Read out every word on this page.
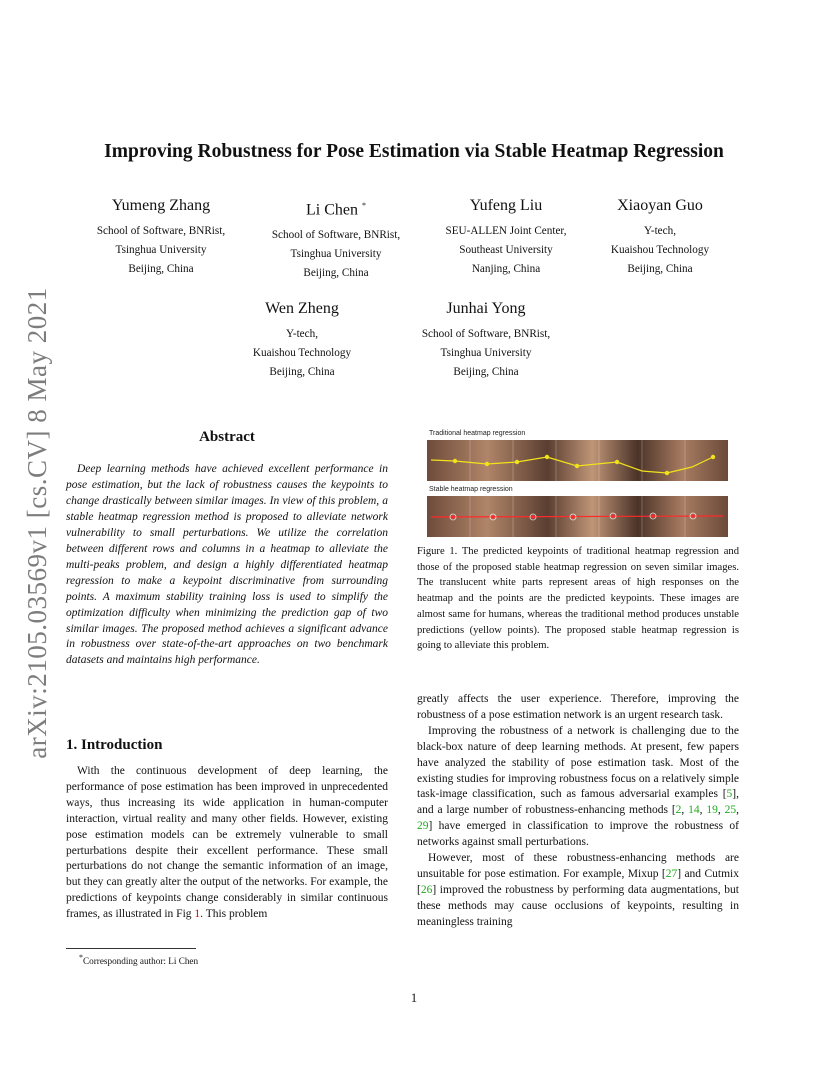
arXiv:2105.03569v1 [cs.CV] 8 May 2021
Improving Robustness for Pose Estimation via Stable Heatmap Regression
Yumeng Zhang
School of Software, BNRist,
Tsinghua University
Beijing, China
Li Chen *
School of Software, BNRist,
Tsinghua University
Beijing, China
Yufeng Liu
SEU-ALLEN Joint Center,
Southeast University
Nanjing, China
Xiaoyan Guo
Y-tech,
Kuaishou Technology
Beijing, China
Wen Zheng
Y-tech,
Kuaishou Technology
Beijing, China
Junhai Yong
School of Software, BNRist,
Tsinghua University
Beijing, China
Abstract
Deep learning methods have achieved excellent performance in pose estimation, but the lack of robustness causes the keypoints to change drastically between similar images. In view of this problem, a stable heatmap regression method is proposed to alleviate network vulnerability to small perturbations. We utilize the correlation between different rows and columns in a heatmap to alleviate the multi-peaks problem, and design a highly differentiated heatmap regression to make a keypoint discriminative from surrounding points. A maximum stability training loss is used to simplify the optimization difficulty when minimizing the prediction gap of two similar images. The proposed method achieves a significant advance in robustness over state-of-the-art approaches on two benchmark datasets and maintains high performance.
1. Introduction
With the continuous development of deep learning, the performance of pose estimation has been improved in unprecedented ways, thus increasing its wide application in human-computer interaction, virtual reality and many other fields. However, existing pose estimation models can be extremely vulnerable to small perturbations despite their excellent performance. These small perturbations do not change the semantic information of an image, but they can greatly alter the output of the networks. For example, the predictions of keypoints change considerably in similar continuous frames, as illustrated in Fig 1. This problem
*Corresponding author: Li Chen
Traditional heatmap regression
Stable heatmap regression
Figure 1. The predicted keypoints of traditional heatmap regression and those of the proposed stable heatmap regression on seven similar images. The translucent white parts represent areas of high responses on the heatmap and the points are the predicted keypoints. These images are almost same for humans, whereas the traditional method produces unstable predictions (yellow points). The proposed stable heatmap regression is going to alleviate this problem.

greatly affects the user experience. Therefore, improving the robustness of a pose estimation network is an urgent research task.

Improving the robustness of a network is challenging due to the black-box nature of deep learning methods. At present, few papers have analyzed the stability of pose estimation task. Most of the existing studies for improving robustness focus on a relatively simple task-image classification, such as famous adversarial examples [5], and a large number of robustness-enhancing methods [2, 14, 19, 25, 29] have emerged in classification to improve the robustness of networks against small perturbations.

However, most of these robustness-enhancing methods are unsuitable for pose estimation. For example, Mixup [27] and Cutmix [26] improved the robustness by performing data augmentations, but these methods may cause occlusions of keypoints, resulting in meaningless training

1
